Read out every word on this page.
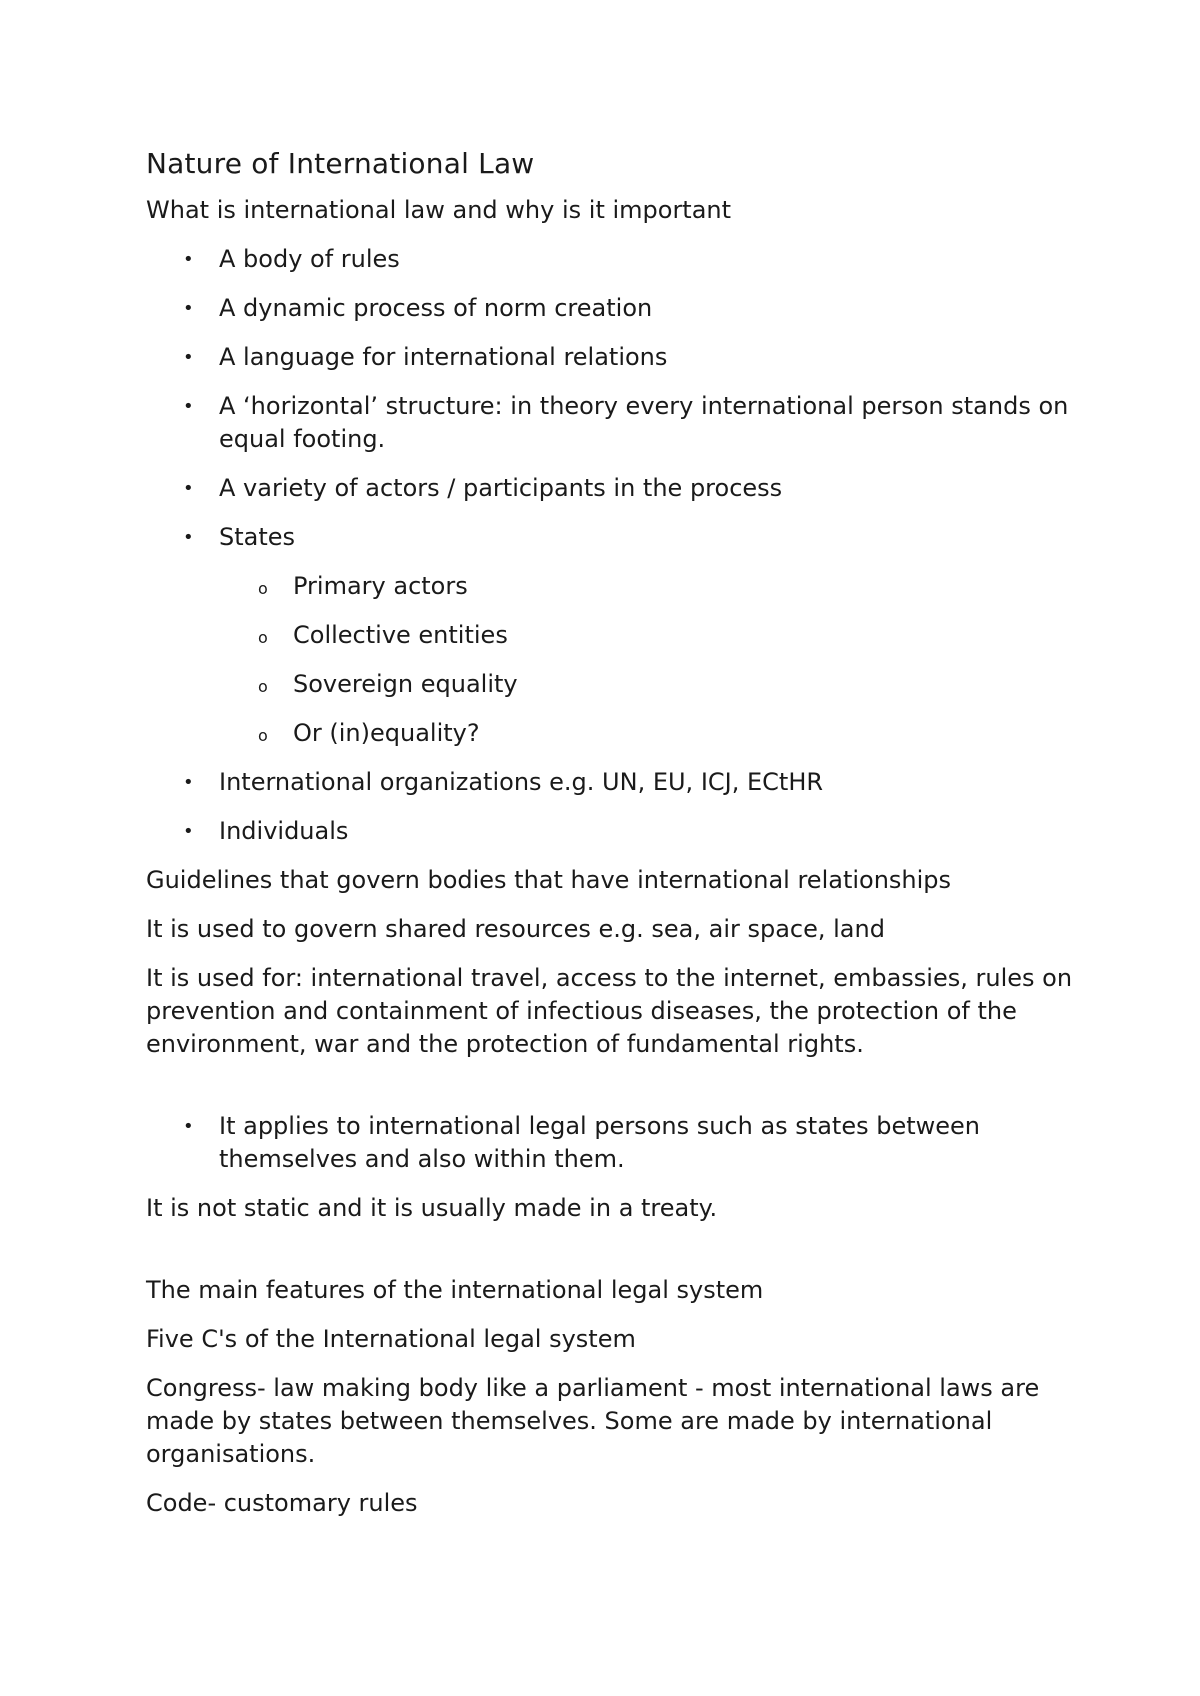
Nature of International Law

What is international law and why is it important

•	A body of rules
•	A dynamic process of norm creation
•	A language for international relations
•	A ‘horizontal’ structure: in theory every international person stands on equal footing.
•	A variety of actors / participants in the process
•	States
o Primary actors
o Collective entities
o Sovereign equality
o Or (in)equality?
•	International organizations e.g. UN, EU, ICJ, ECtHR
•	Individuals

Guidelines that govern bodies that have international relationships

It is used to govern shared resources e.g. sea, air space, land

It is used for: international travel, access to the internet, embassies, rules on prevention and containment of infectious diseases, the protection of the environment, war and the protection of fundamental rights.

•	It applies to international legal persons such as states between themselves and also within them.

It is not static and it is usually made in a treaty.

The main features of the international legal system

Five C's of the International legal system

Congress- law making body like a parliament - most international laws are made by states between themselves. Some are made by international organisations.

Code- customary rules
